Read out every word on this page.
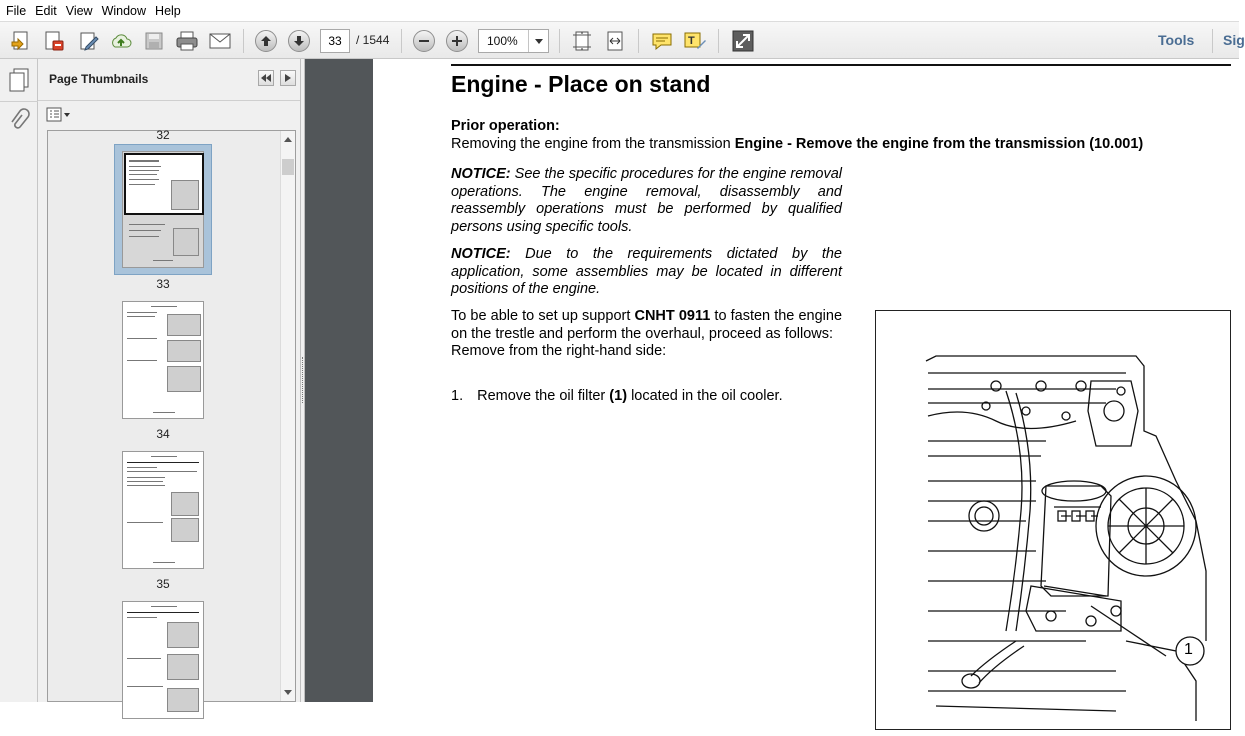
File Edit View Window Help
33
/ 1544	100%	T	Tools Sig
Page Thumbnails
32
33
34
35
Engine - Place on stand
Prior operation:
Removing the engine from the transmission Engine - Remove the engine from the transmission (10.001)
NOTICE: See the specific procedures for the engine removal operations. The engine removal, disassembly and reassembly operations must be performed by qualified persons using specific tools.
NOTICE: Due to the requirements dictated by the application, some assemblies may be located in different positions of the engine.
To be able to set up support CNHT 0911 to fasten the engine on the trestle and perform the overhaul, proceed as follows:
Remove from the right-hand side:
1. Remove the oil filter (1) located in the oil cooler.
1
